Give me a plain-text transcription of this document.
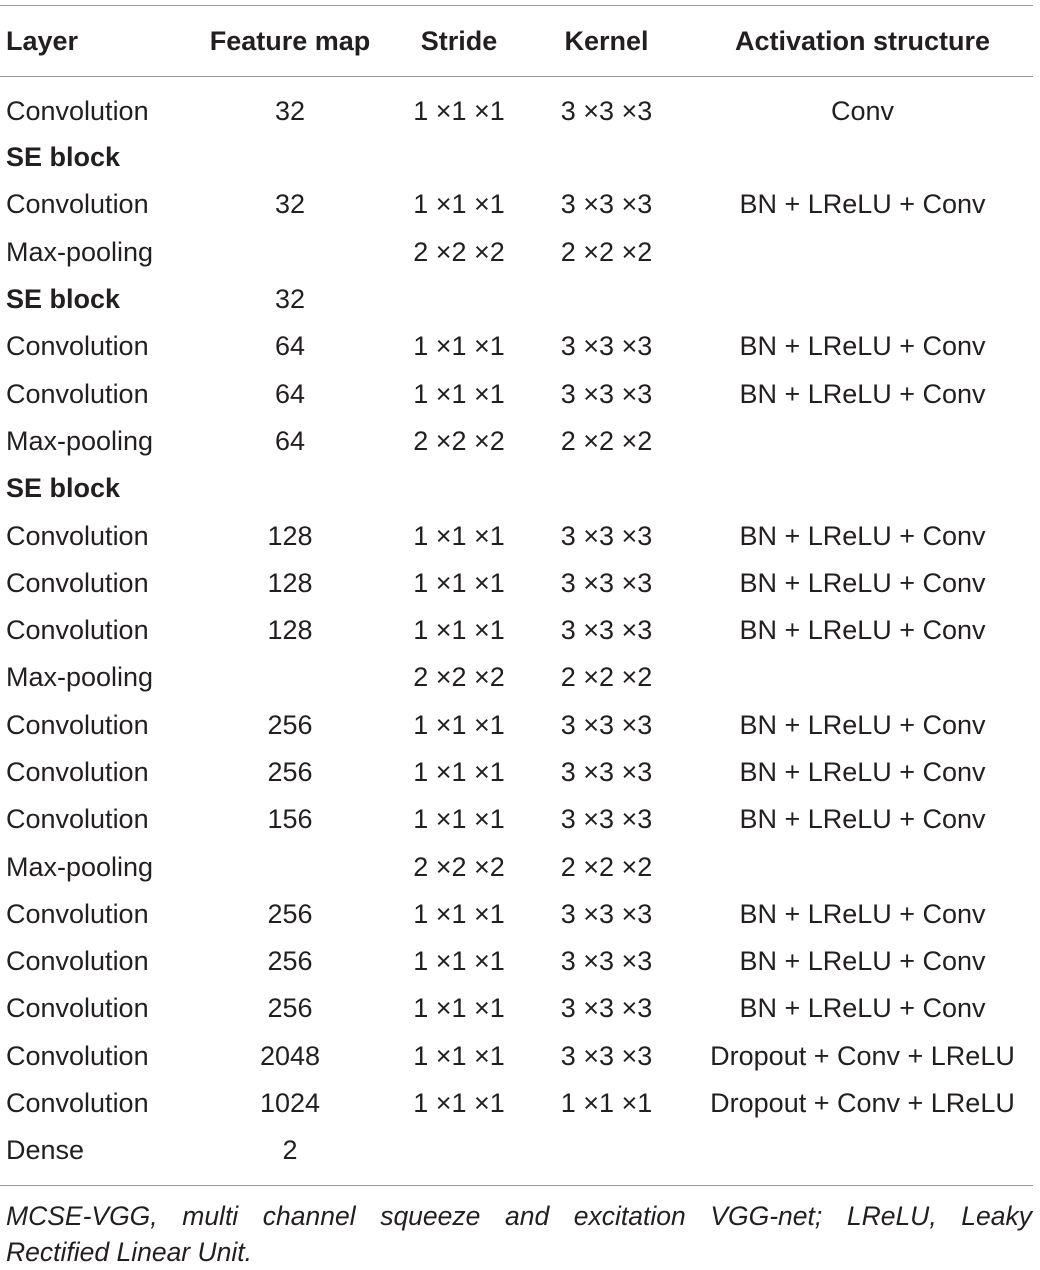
Layer	Feature map	Stride	Kernel	Activation structure
Convolution	32	1 ×1 ×1	3 ×3 ×3	Conv
SE block				
Convolution	32	1 ×1 ×1	3 ×3 ×3	BN + LReLU + Conv
Max-pooling		2 ×2 ×2	2 ×2 ×2	
SE block	32			
Convolution	64	1 ×1 ×1	3 ×3 ×3	BN + LReLU + Conv
Convolution	64	1 ×1 ×1	3 ×3 ×3	BN + LReLU + Conv
Max-pooling	64	2 ×2 ×2	2 ×2 ×2	
SE block				
Convolution	128	1 ×1 ×1	3 ×3 ×3	BN + LReLU + Conv
Convolution	128	1 ×1 ×1	3 ×3 ×3	BN + LReLU + Conv
Convolution	128	1 ×1 ×1	3 ×3 ×3	BN + LReLU + Conv
Max-pooling		2 ×2 ×2	2 ×2 ×2	
Convolution	256	1 ×1 ×1	3 ×3 ×3	BN + LReLU + Conv
Convolution	256	1 ×1 ×1	3 ×3 ×3	BN + LReLU + Conv
Convolution	156	1 ×1 ×1	3 ×3 ×3	BN + LReLU + Conv
Max-pooling		2 ×2 ×2	2 ×2 ×2	
Convolution	256	1 ×1 ×1	3 ×3 ×3	BN + LReLU + Conv
Convolution	256	1 ×1 ×1	3 ×3 ×3	BN + LReLU + Conv
Convolution	256	1 ×1 ×1	3 ×3 ×3	BN + LReLU + Conv
Convolution	2048	1 ×1 ×1	3 ×3 ×3	Dropout + Conv + LReLU
Convolution	1024	1 ×1 ×1	1 ×1 ×1	Dropout + Conv + LReLU
Dense	2			
MCSE-VGG, multi channel squeeze and excitation VGG-net; LReLU, Leaky
Rectified Linear Unit.
